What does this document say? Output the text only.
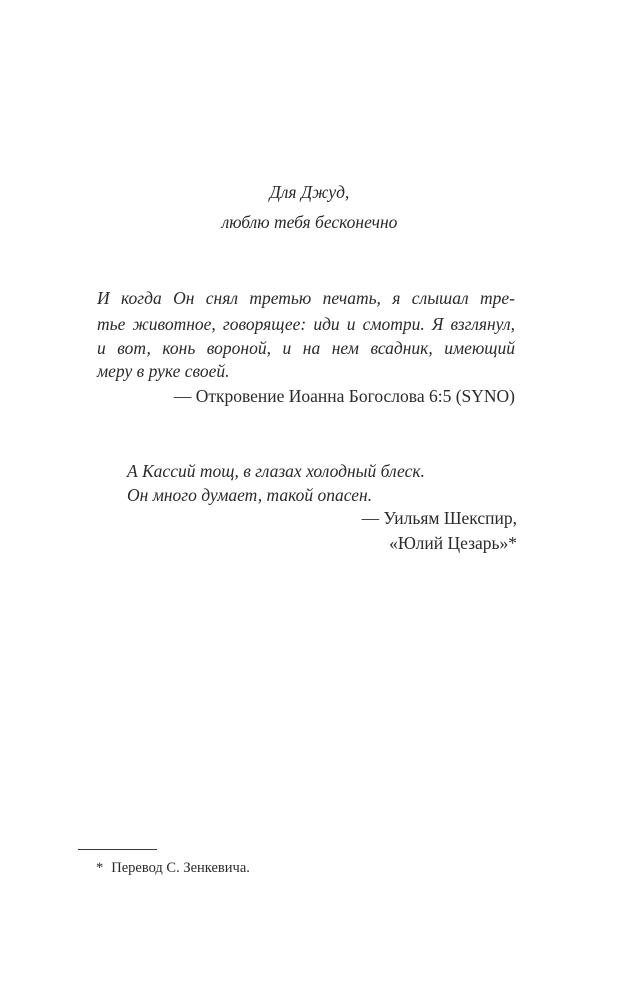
Для Джуд,
люблю тебя бесконечно
И когда Он снял третью печать, я слышал тре-
тье животное, говорящее: иди и смотри. Я взглянул,
и вот, конь вороной, и на нем всадник, имеющий
меру в руке своей.
— Откровение Иоанна Богослова 6:5 (SYNO)
А Кассий тощ, в глазах холодный блеск.
Он много думает, такой опасен.
— Уильям Шекспир,
«Юлий Цезарь»*
* Перевод С. Зенкевича.
